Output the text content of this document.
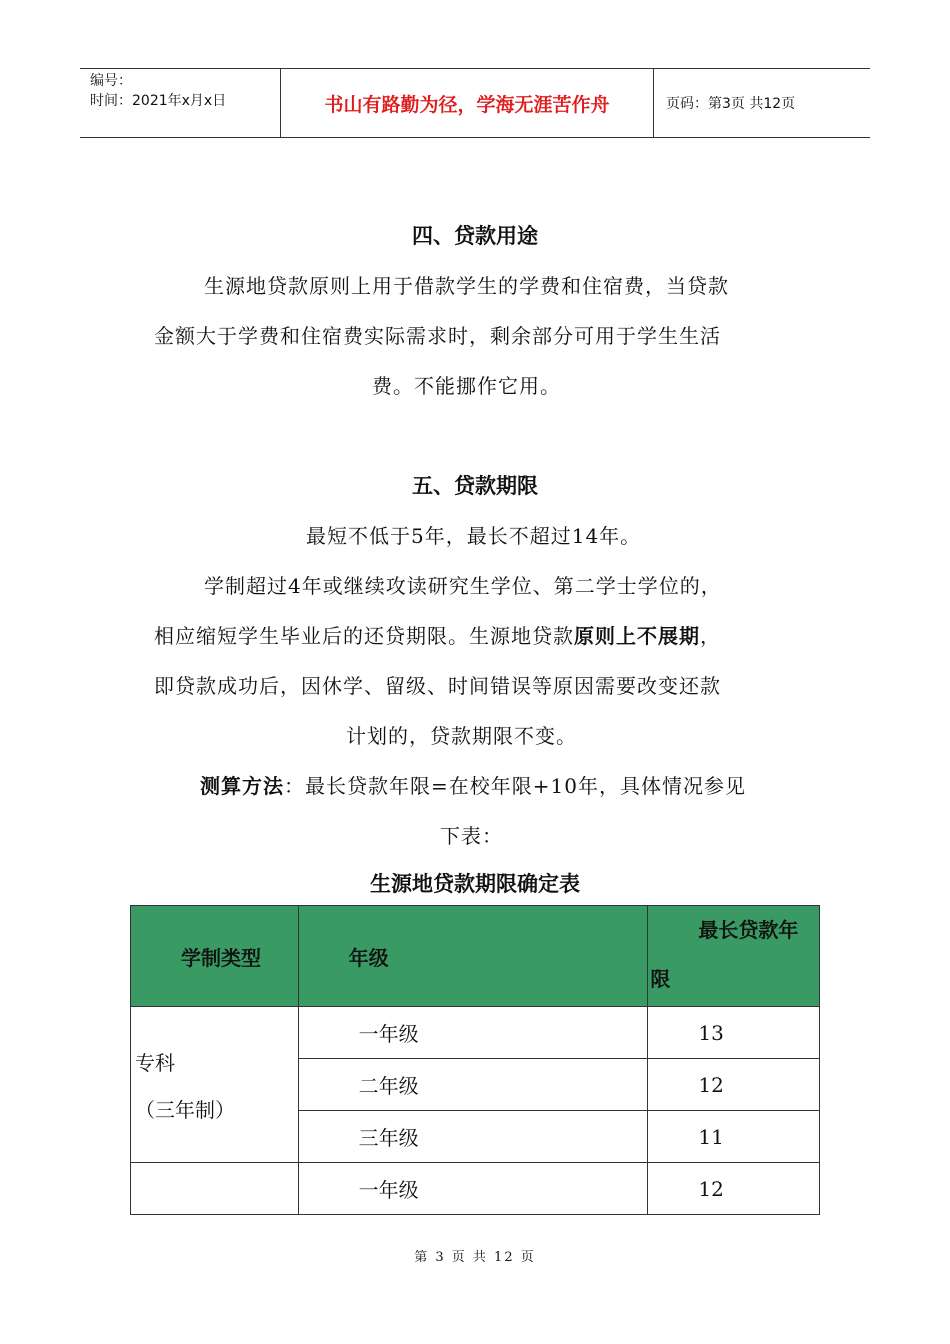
编号：
时间：2021年x月x日	书山有路勤为径，学海无涯苦作舟	页码：第3页 共12页
四、贷款用途
生源地贷款原则上用于借款学生的学费和住宿费，当贷款
金额大于学费和住宿费实际需求时，剩余部分可用于学生生活
费。不能挪作它用。
五、贷款期限
最短不低于5年，最长不超过14年。
学制超过4年或继续攻读研究生学位、第二学士学位的，
相应缩短学生毕业后的还贷期限。生源地贷款原则上不展期，
即贷款成功后，因休学、留级、时间错误等原因需要改变还款
计划的，贷款期限不变。
测算方法：最长贷款年限=在校年限+10年，具体情况参见
下表：
生源地贷款期限确定表
学制类型	年级	最长贷款年
限

专科
（三年制）	一年级	13
	二年级	12
	三年级	11
	一年级	12
第 3 页 共 12 页
